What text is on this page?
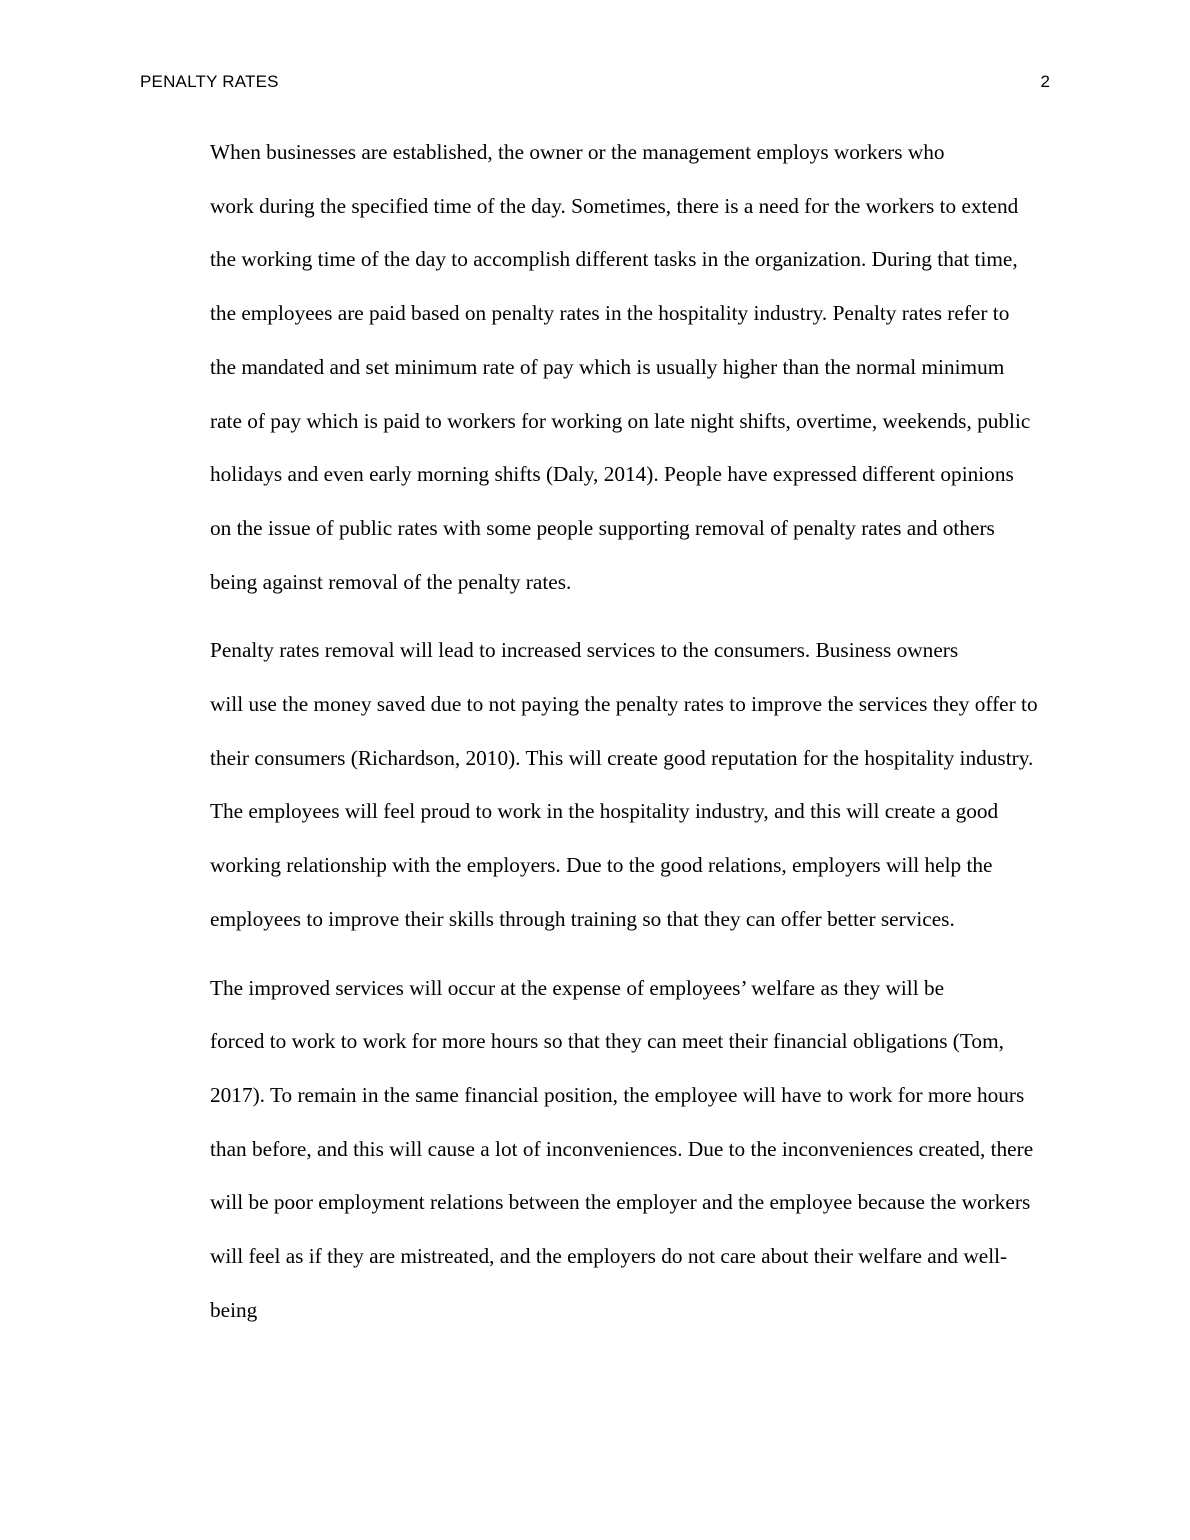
PENALTY RATES	2

When businesses are established, the owner or the management employs workers who
work during the specified time of the day. Sometimes, there is a need for the workers to extend
the working time of the day to accomplish different tasks in the organization. During that time,
the employees are paid based on penalty rates in the hospitality industry. Penalty rates refer to
the mandated and set minimum rate of pay which is usually higher than the normal minimum
rate of pay which is paid to workers for working on late night shifts, overtime, weekends, public
holidays and even early morning shifts (Daly, 2014). People have expressed different opinions
on the issue of public rates with some people supporting removal of penalty rates and others
being against removal of the penalty rates.

Penalty rates removal will lead to increased services to the consumers. Business owners
will use the money saved due to not paying the penalty rates to improve the services they offer to
their consumers (Richardson, 2010). This will create good reputation for the hospitality industry.
The employees will feel proud to work in the hospitality industry, and this will create a good
working relationship with the employers. Due to the good relations, employers will help the
employees to improve their skills through training so that they can offer better services.

The improved services will occur at the expense of employees’ welfare as they will be
forced to work to work for more hours so that they can meet their financial obligations (Tom,
2017). To remain in the same financial position, the employee will have to work for more hours
than before, and this will cause a lot of inconveniences. Due to the inconveniences created, there
will be poor employment relations between the employer and the employee because the workers
will feel as if they are mistreated, and the employers do not care about their welfare and well-
being
